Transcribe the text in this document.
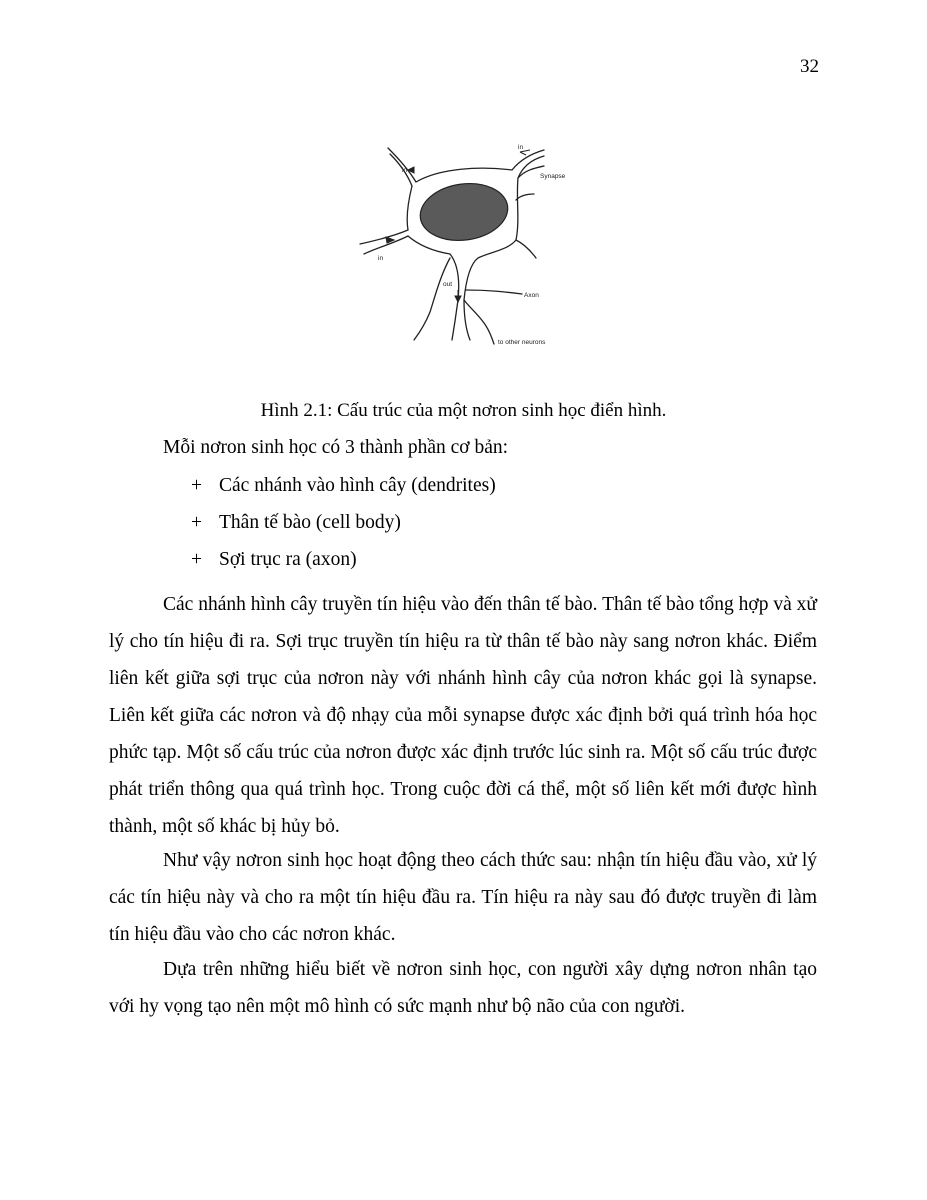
32
in
in
in
Synapse
out
Axon
to other neurons
Hình 2.1: Cấu trúc của một nơron sinh học điển hình.
Mỗi nơron sinh học có 3 thành phần cơ bản:
+ Các nhánh vào hình cây (dendrites)
+ Thân tế bào (cell body)
+ Sợi trục ra (axon)

Các nhánh hình cây truyền tín hiệu vào đến thân tế bào. Thân tế bào tổng hợp và xử lý cho tín hiệu đi ra. Sợi trục truyền tín hiệu ra từ thân tế bào này sang nơron khác. Điểm liên kết giữa sợi trục của nơron này với nhánh hình cây của nơron khác gọi là synapse. Liên kết giữa các nơron và độ nhạy của mỗi synapse được xác định bởi quá trình hóa học phức tạp. Một số cấu trúc của nơron được xác định trước lúc sinh ra. Một số cấu trúc được phát triển thông qua quá trình học. Trong cuộc đời cá thể, một số liên kết mới được hình thành, một số khác bị hủy bỏ.

Như vậy nơron sinh học hoạt động theo cách thức sau: nhận tín hiệu đầu vào, xử lý các tín hiệu này và cho ra một tín hiệu đầu ra. Tín hiệu ra này sau đó được truyền đi làm tín hiệu đầu vào cho các nơron khác.

Dựa trên những hiểu biết về nơron sinh học, con người xây dựng nơron nhân tạo với hy vọng tạo nên một mô hình có sức mạnh như bộ não của con người.
